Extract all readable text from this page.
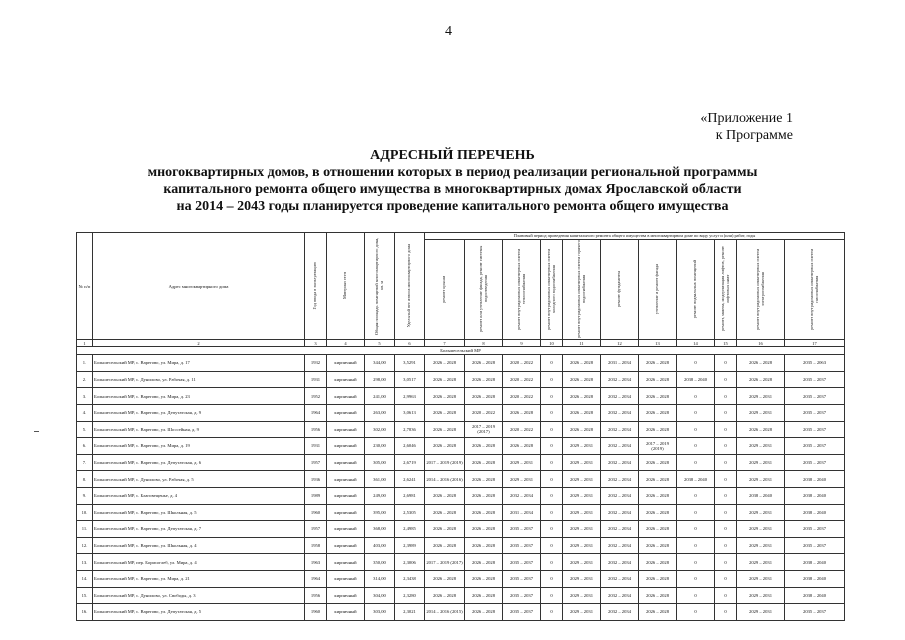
4
«Приложение 1
к Программе
АДРЕСНЫЙ ПЕРЕЧЕНЬ
многоквартирных домов, в отношении которых в период реализации региональной программы
капитального ремонта общего имущества в многоквартирных домах Ярославской области
на 2014 – 2043 годы планируется проведение капитального ремонта общего имущества
№ п/п	Адрес многоквартирного дома	Год ввода в эксплуатацию	Материал стен	Общая площадь помещений многоквартирного дома, кв. м	Удельный вес износа многоквартирного дома	Плановый период проведения капитального ремонта общего имущества в многоквартирном доме по виду услуг и (или) работ, годы										
						ремонт крыши	ремонт или утепление фасада, ремонт системы водоотведения	ремонт внутридомовых инженерных систем теплоснабжения	ремонт внутридомовых инженерных систем холодного водоснабжения	ремонт внутридомовых инженерных систем горячего водоснабжения	ремонт фундамента	утепление и ремонт фасада	ремонт подвальных помещений	ремонт, замена, модернизация лифтов, ремонт лифтовых шахт	ремонт внутридомовых инженерных систем электроснабжения	ремонт внутридомовых инженерных систем газоснабжения
1	2	3	4	5	6	7	8	9	10	11	12	13	14	15	16	17
Большесельский МР																
1.	Большесельский МР, с. Варегово, ул. Мира, д. 17	1932	кирпичный	344,00	3,5291	2026 – 2028	2026 – 2028	2020 – 2022	0	2026 – 2028	2031 – 2034	2026 – 2028	0	0	2026 – 2028	2035 – 2063
2.	Большесельский МР, с. Дуниловo, ул. Рабочая, д. 11	1931	кирпичный	298,00	3,0517	2026 – 2028	2026 – 2028	2020 – 2022	0	2026 – 2028	2032 – 2034	2026 – 2028	2038 – 2040	0	2026 – 2028	2035 – 2037
3.	Большесельский МР, с. Варегово, ул. Мира, д. 23	1952	кирпичный	241,00	2,9963	2026 – 2028	2026 – 2028	2020 – 2022	0	2026 – 2028	2032 – 2034	2026 – 2028	0	0	2029 – 2031	2035 – 2037
4.	Большесельский МР, с. Варегово, ул. Депутатская, д. 9	1964	кирпичный	263,00	3,0613	2026 – 2028	2020 – 2022	2026 – 2028	0	2026 – 2028	2032 – 2034	2026 – 2028	0	0	2029 – 2031	2035 – 2037
5.	Большесельский МР, с. Варегово, ул. Шоссейная, д. 9	1956	кирпичный	302,00	2,7836	2026 – 2028	2017 – 2019 (2017)	2020 – 2022	0	2026 – 2028	2032 – 2034	2026 – 2028	0	0	2026 – 2028	2035 – 2037
6.	Большесельский МР, с. Варегово, ул. Мира, д. 19	1931	кирпичный	230,00	2,6046	2026 – 2028	2026 – 2028	2026 – 2028	0	2029 – 2031	2032 – 2034	2017 – 2019 (2019)	0	0	2029 – 2031	2035 – 2037
7.	Большесельский МР, с. Варегово, ул. Депутатская, д. 6	1957	кирпичный	305,00	2,6719	2017 – 2019 (2019)	2026 – 2028	2029 – 2031	0	2029 – 2031	2032 – 2034	2026 – 2028	0	0	2029 – 2031	2035 – 2037
8.	Большесельский МР, с. Дуниловo, ул. Рабочая, д. 5	1936	кирпичный	361,00	2,6241	2014 – 2016 (2016)	2026 – 2028	2029 – 2031	0	2029 – 2031	2032 – 2034	2026 – 2028	2038 – 2040	0	2029 – 2031	2038 – 2040
9.	Большесельский МР, с. Благовещенье, д. 4	1989	кирпичный	249,00	2,6981	2026 – 2028	2026 – 2028	2032 – 2034	0	2029 – 2031	2032 – 2034	2026 – 2028	0	0	2038 – 2040	2038 – 2040
10.	Большесельский МР, с. Варегово, ул. Школьная, д. 5	1960	кирпичный	395,00	2,5305	2026 – 2028	2026 – 2028	2031 – 2034	0	2029 – 2031	2032 – 2034	2026 – 2028	0	0	2029 – 2031	2038 – 2040
11.	Большесельский МР, с. Варегово, ул. Депутатская, д. 7	1957	кирпичный	368,00	2,4985	2026 – 2028	2026 – 2028	2035 – 2037	0	2029 – 2031	2032 – 2034	2026 – 2028	0	0	2029 – 2031	2035 – 2037
12.	Большесельский МР, с. Варегово, ул. Школьная, д. 4	1958	кирпичный	403,00	2,3989	2026 – 2028	2026 – 2028	2035 – 2037	0	2029 – 2031	2032 – 2034	2026 – 2028	0	0	2029 – 2031	2035 – 2037
13.	Большесельский МР, пер. Борисоглеб, ул. Мира, д. 4	1963	кирпичный	350,00	2,3006	2017 – 2019 (2017)	2026 – 2028	2035 – 2037	0	2029 – 2031	2032 – 2034	2026 – 2028	0	0	2029 – 2031	2038 – 2040
14.	Большесельский МР, с. Варегово, ул. Мира, д. 21	1964	кирпичный	314,00	2,3438	2026 – 2028	2026 – 2028	2035 – 2037	0	2029 – 2031	2032 – 2034	2026 – 2028	0	0	2029 – 2031	2038 – 2040
15.	Большесельский МР, с. Дуниловo, ул. Свободы, д. 3	1956	кирпичный	304,00	2,3280	2026 – 2028	2026 – 2028	2035 – 2037	0	2029 – 2031	2032 – 2034	2026 – 2028	0	0	2029 – 2031	2038 – 2040
16.	Большесельский МР, с. Варегово, ул. Депутатская, д. 5	1960	кирпичный	303,00	2,3021	2014 – 2016 (2015)	2026 – 2028	2035 – 2037	0	2029 – 2031	2032 – 2034	2026 – 2028	0	0	2029 – 2031	2035 – 2037
